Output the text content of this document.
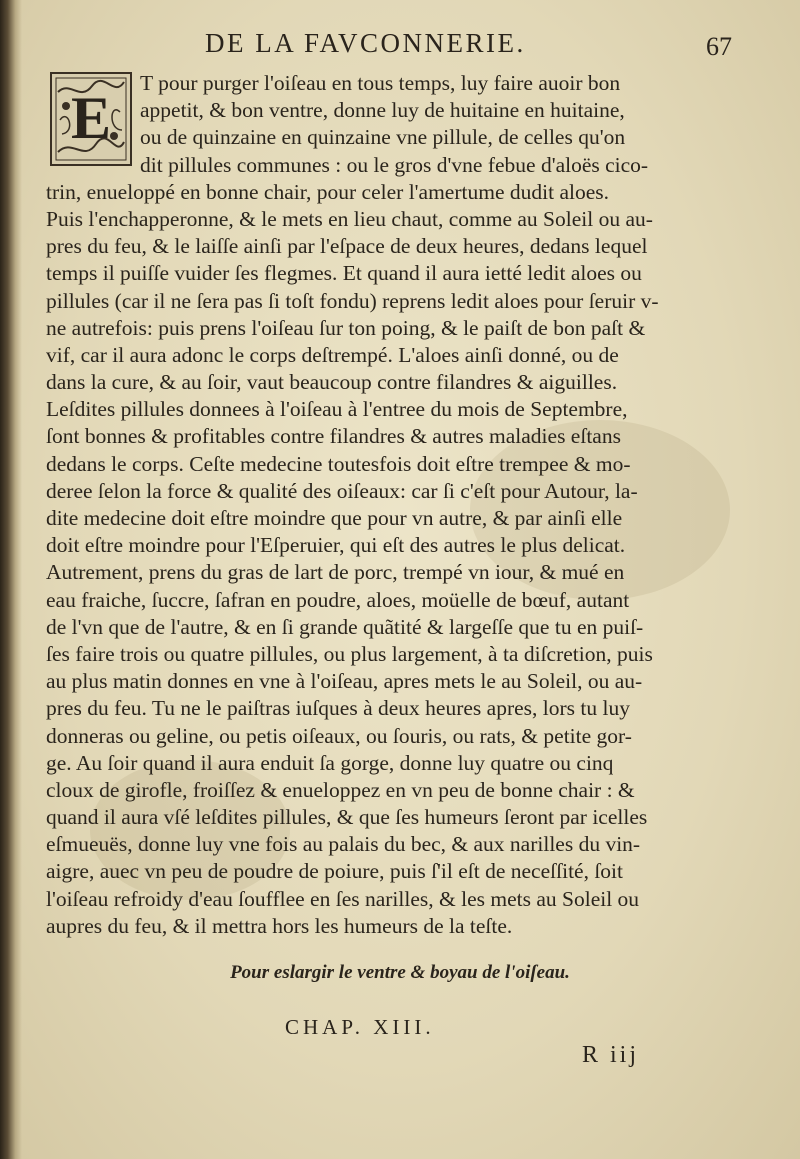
DE LA FAVCONNERIE.	67
E
T pour purger l'oiſeau en tous temps, luy faire auoir bon
appetit, & bon ventre, donne luy de huitaine en huitaine,
ou de quinzaine en quinzaine vne pillule, de celles qu'on
dit pillules communes : ou le gros d'vne febue d'aloës cico-
trin, enueloppé en bonne chair, pour celer l'amertume dudit aloes.
Puis l'enchapperonne, & le mets en lieu chaut, comme au Soleil ou au-
pres du feu, & le laiſſe ainſi par l'eſpace de deux heures, dedans lequel
temps il puiſſe vuider ſes flegmes. Et quand il aura ietté ledit aloes ou
pillules (car il ne ſera pas ſi toſt fondu) reprens ledit aloes pour ſeruir v-
ne autrefois: puis prens l'oiſeau ſur ton poing, & le paiſt de bon paſt &
vif, car il aura adonc le corps deſtrempé. L'aloes ainſi donné, ou de
dans la cure, & au ſoir, vaut beaucoup contre filandres & aiguilles.
Leſdites pillules donnees à l'oiſeau à l'entree du mois de Septembre,
ſont bonnes & profitables contre filandres & autres maladies eſtans
dedans le corps. Ceſte medecine toutesfois doit eſtre trempee & mo-
deree ſelon la force & qualité des oiſeaux: car ſi c'eſt pour Autour, la-
dite medecine doit eſtre moindre que pour vn autre, & par ainſi elle
doit eſtre moindre pour l'Eſperuier, qui eſt des autres le plus delicat.
Autrement, prens du gras de lart de porc, trempé vn iour, & mué en
eau fraiche, ſuccre, ſafran en poudre, aloes, moüelle de bœuf, autant
de l'vn que de l'autre, & en ſi grande quãtité & largeſſe que tu en puiſ-
ſes faire trois ou quatre pillules, ou plus largement, à ta diſcretion, puis
au plus matin donnes en vne à l'oiſeau, apres mets le au Soleil, ou au-
pres du feu. Tu ne le paiſtras iuſques à deux heures apres, lors tu luy
donneras ou geline, ou petis oiſeaux, ou ſouris, ou rats, & petite gor-
ge. Au ſoir quand il aura enduit ſa gorge, donne luy quatre ou cinq
cloux de girofle, froiſſez & enueloppez en vn peu de bonne chair : &
quand il aura vſé leſdites pillules, & que ſes humeurs ſeront par icelles
eſmueuës, donne luy vne fois au palais du bec, & aux narilles du vin-
aigre, auec vn peu de poudre de poiure, puis ſ'il eſt de neceſſité, ſoit
l'oiſeau refroidy d'eau ſoufflee en ſes narilles, & les mets au Soleil ou
aupres du feu, & il mettra hors les humeurs de la teſte.
Pour eslargir le ventre & boyau de l'oiſeau.
CHAP. XIII.
R iij
